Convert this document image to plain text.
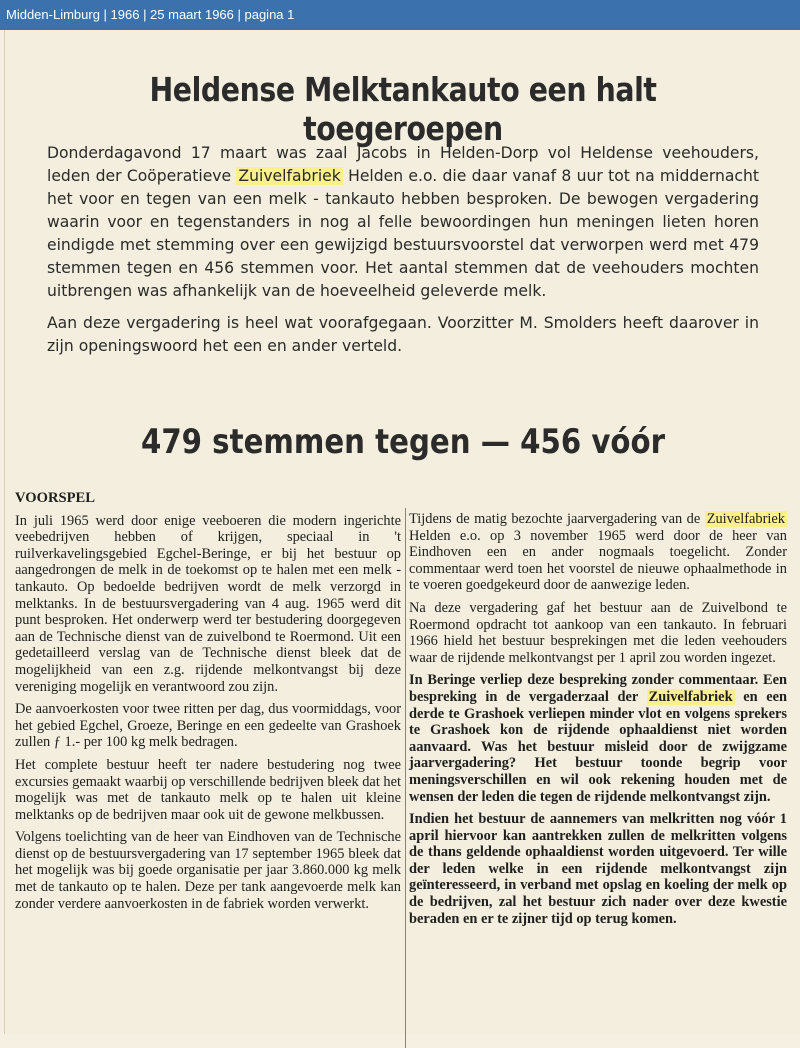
Midden-Limburg | 1966 | 25 maart 1966 | pagina 1
Heldense Melktankauto een halt toegeroepen

Donderdagavond 17 maart was zaal Jacobs in Helden-Dorp vol Heldense veehouders, leden der Coöperatieve Zuivelfabriek Helden e.o. die daar vanaf 8 uur tot na middernacht het voor en tegen van een melk - tankauto hebben besproken. De bewogen vergadering waarin voor en tegenstanders in nog al felle bewoordingen hun meningen lieten horen eindigde met stemming over een gewijzigd bestuursvoorstel dat verworpen werd met 479 stemmen tegen en 456 stemmen voor. Het aantal stemmen dat de veehouders mochten uitbrengen was afhankelijk van de hoeveelheid geleverde melk.

Aan deze vergadering is heel wat voorafgegaan. Voorzitter M. Smolders heeft daarover in zijn openingswoord het een en ander verteld.

479 stemmen tegen — 456 vóór

VOORSPEL

In juli 1965 werd door enige veeboeren die modern ingerichte veebedrijven hebben of krijgen, speciaal in 't ruilverkavelingsgebied Egchel-Beringe, er bij het bestuur op aangedrongen de melk in de toekomst op te halen met een melk - tankauto. Op bedoelde bedrijven wordt de melk verzorgd in melktanks. In de bestuursvergadering van 4 aug. 1965 werd dit punt besproken. Het onderwerp werd ter bestudering doorgegeven aan de Technische dienst van de zuivelbond te Roermond. Uit een gedetailleerd verslag van de Technische dienst bleek dat de mogelijkheid van een z.g. rijdende melkontvangst bij deze vereniging mogelijk en verantwoord zou zijn.

De aanvoerkosten voor twee ritten per dag, dus voormiddags, voor het gebied Egchel, Groeze, Beringe en een gedeelte van Grashoek zullen ƒ 1.- per 100 kg melk bedragen.

Het complete bestuur heeft ter nadere bestudering nog twee excursies gemaakt waarbij op verschillende bedrijven bleek dat het mogelijk was met de tankauto melk op te halen uit kleine melktanks op de bedrijven maar ook uit de gewone melkbussen.

Volgens toelichting van de heer van Eindhoven van de Technische dienst op de bestuursvergadering van 17 september 1965 bleek dat het mogelijk was bij goede organisatie per jaar 3.860.000 kg melk met de tankauto op te halen. Deze per tank aangevoerde melk kan zonder verdere aanvoerkosten in de fabriek worden verwerkt.

Tijdens de matig bezochte jaarvergadering van de Zuivelfabriek Helden e.o. op 3 november 1965 werd door de heer van Eindhoven een en ander nogmaals toegelicht. Zonder commentaar werd toen het voorstel de nieuwe ophaalmethode in te voeren goedgekeurd door de aanwezige leden.

Na deze vergadering gaf het bestuur aan de Zuivelbond te Roermond opdracht tot aankoop van een tankauto. In februari 1966 hield het bestuur besprekingen met die leden veehouders waar de rijdende melkontvangst per 1 april zou worden ingezet.

In Beringe verliep deze bespreking zonder commentaar. Een bespreking in de vergaderzaal der Zuivelfabriek en een derde te Grashoek verliepen minder vlot en volgens sprekers te Grashoek kon de rijdende ophaaldienst niet worden aanvaard. Was het bestuur misleid door de zwijgzame jaarvergadering? Het bestuur toonde begrip voor meningsverschillen en wil ook rekening houden met de wensen der leden die tegen de rijdende melkontvangst zijn.

Indien het bestuur de aannemers van melkritten nog vóór 1 april hiervoor kan aantrekken zullen de melkritten volgens de thans geldende ophaaldienst worden uitgevoerd. Ter wille der leden welke in een rijdende melkontvangst zijn geïnteresseerd, in verband met opslag en koeling der melk op de bedrijven, zal het bestuur zich nader over deze kwestie beraden en er te zijner tijd op terug komen.
